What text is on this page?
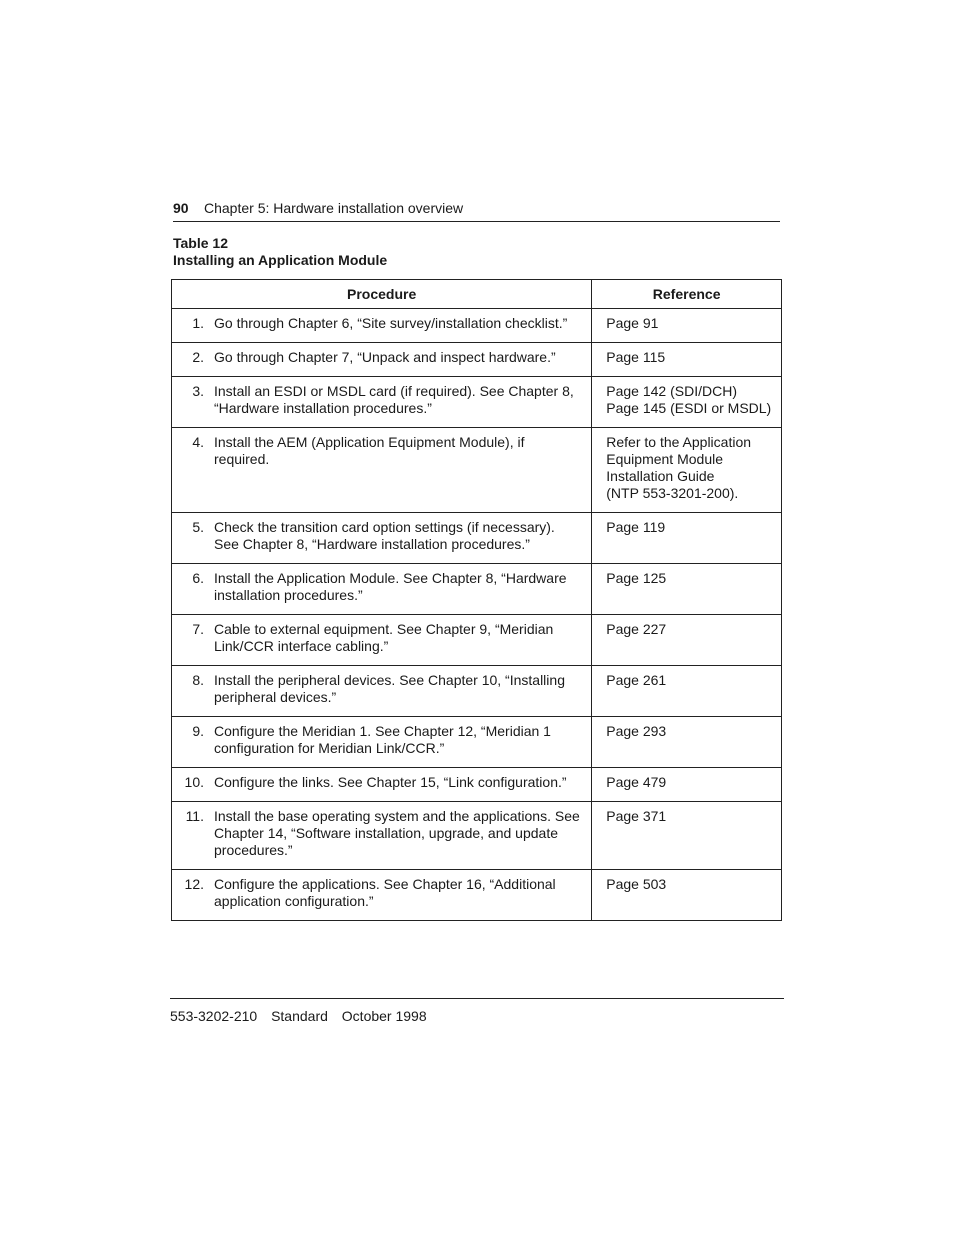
90 Chapter 5: Hardware installation overview
Table 12
Installing an Application Module
Procedure	Reference

1. Go through Chapter 6, “Site survey/installation checklist.”	Page 91

2. Go through Chapter 7, “Unpack and inspect hardware.”	Page 115

3. Install an ESDI or MSDL card (if required). See Chapter 8, “Hardware installation procedures.”	Page 142 (SDI/DCH)
Page 145 (ESDI or MSDL)

4. Install the AEM (Application Equipment Module), if required.	Refer to the Application
Equipment Module
Installation Guide
(NTP 553-3201-200).

5. Check the transition card option settings (if necessary). See Chapter 8, “Hardware installation procedures.”	Page 119

6. Install the Application Module. See Chapter 8, “Hardware installation procedures.”	Page 125

7. Cable to external equipment. See Chapter 9, “Meridian Link/CCR interface cabling.”	Page 227

8. Install the peripheral devices. See Chapter 10, “Installing peripheral devices.”	Page 261

9. Configure the Meridian 1. See Chapter 12, “Meridian 1 configuration for Meridian Link/CCR.”	Page 293

10. Configure the links. See Chapter 15, “Link configuration.”	Page 479

11. Install the base operating system and the applications. See Chapter 14, “Software installation, upgrade, and update procedures.”	Page 371

12. Configure the applications. See Chapter 16, “Additional application configuration.”	Page 503
553-3202-210 Standard October 1998
